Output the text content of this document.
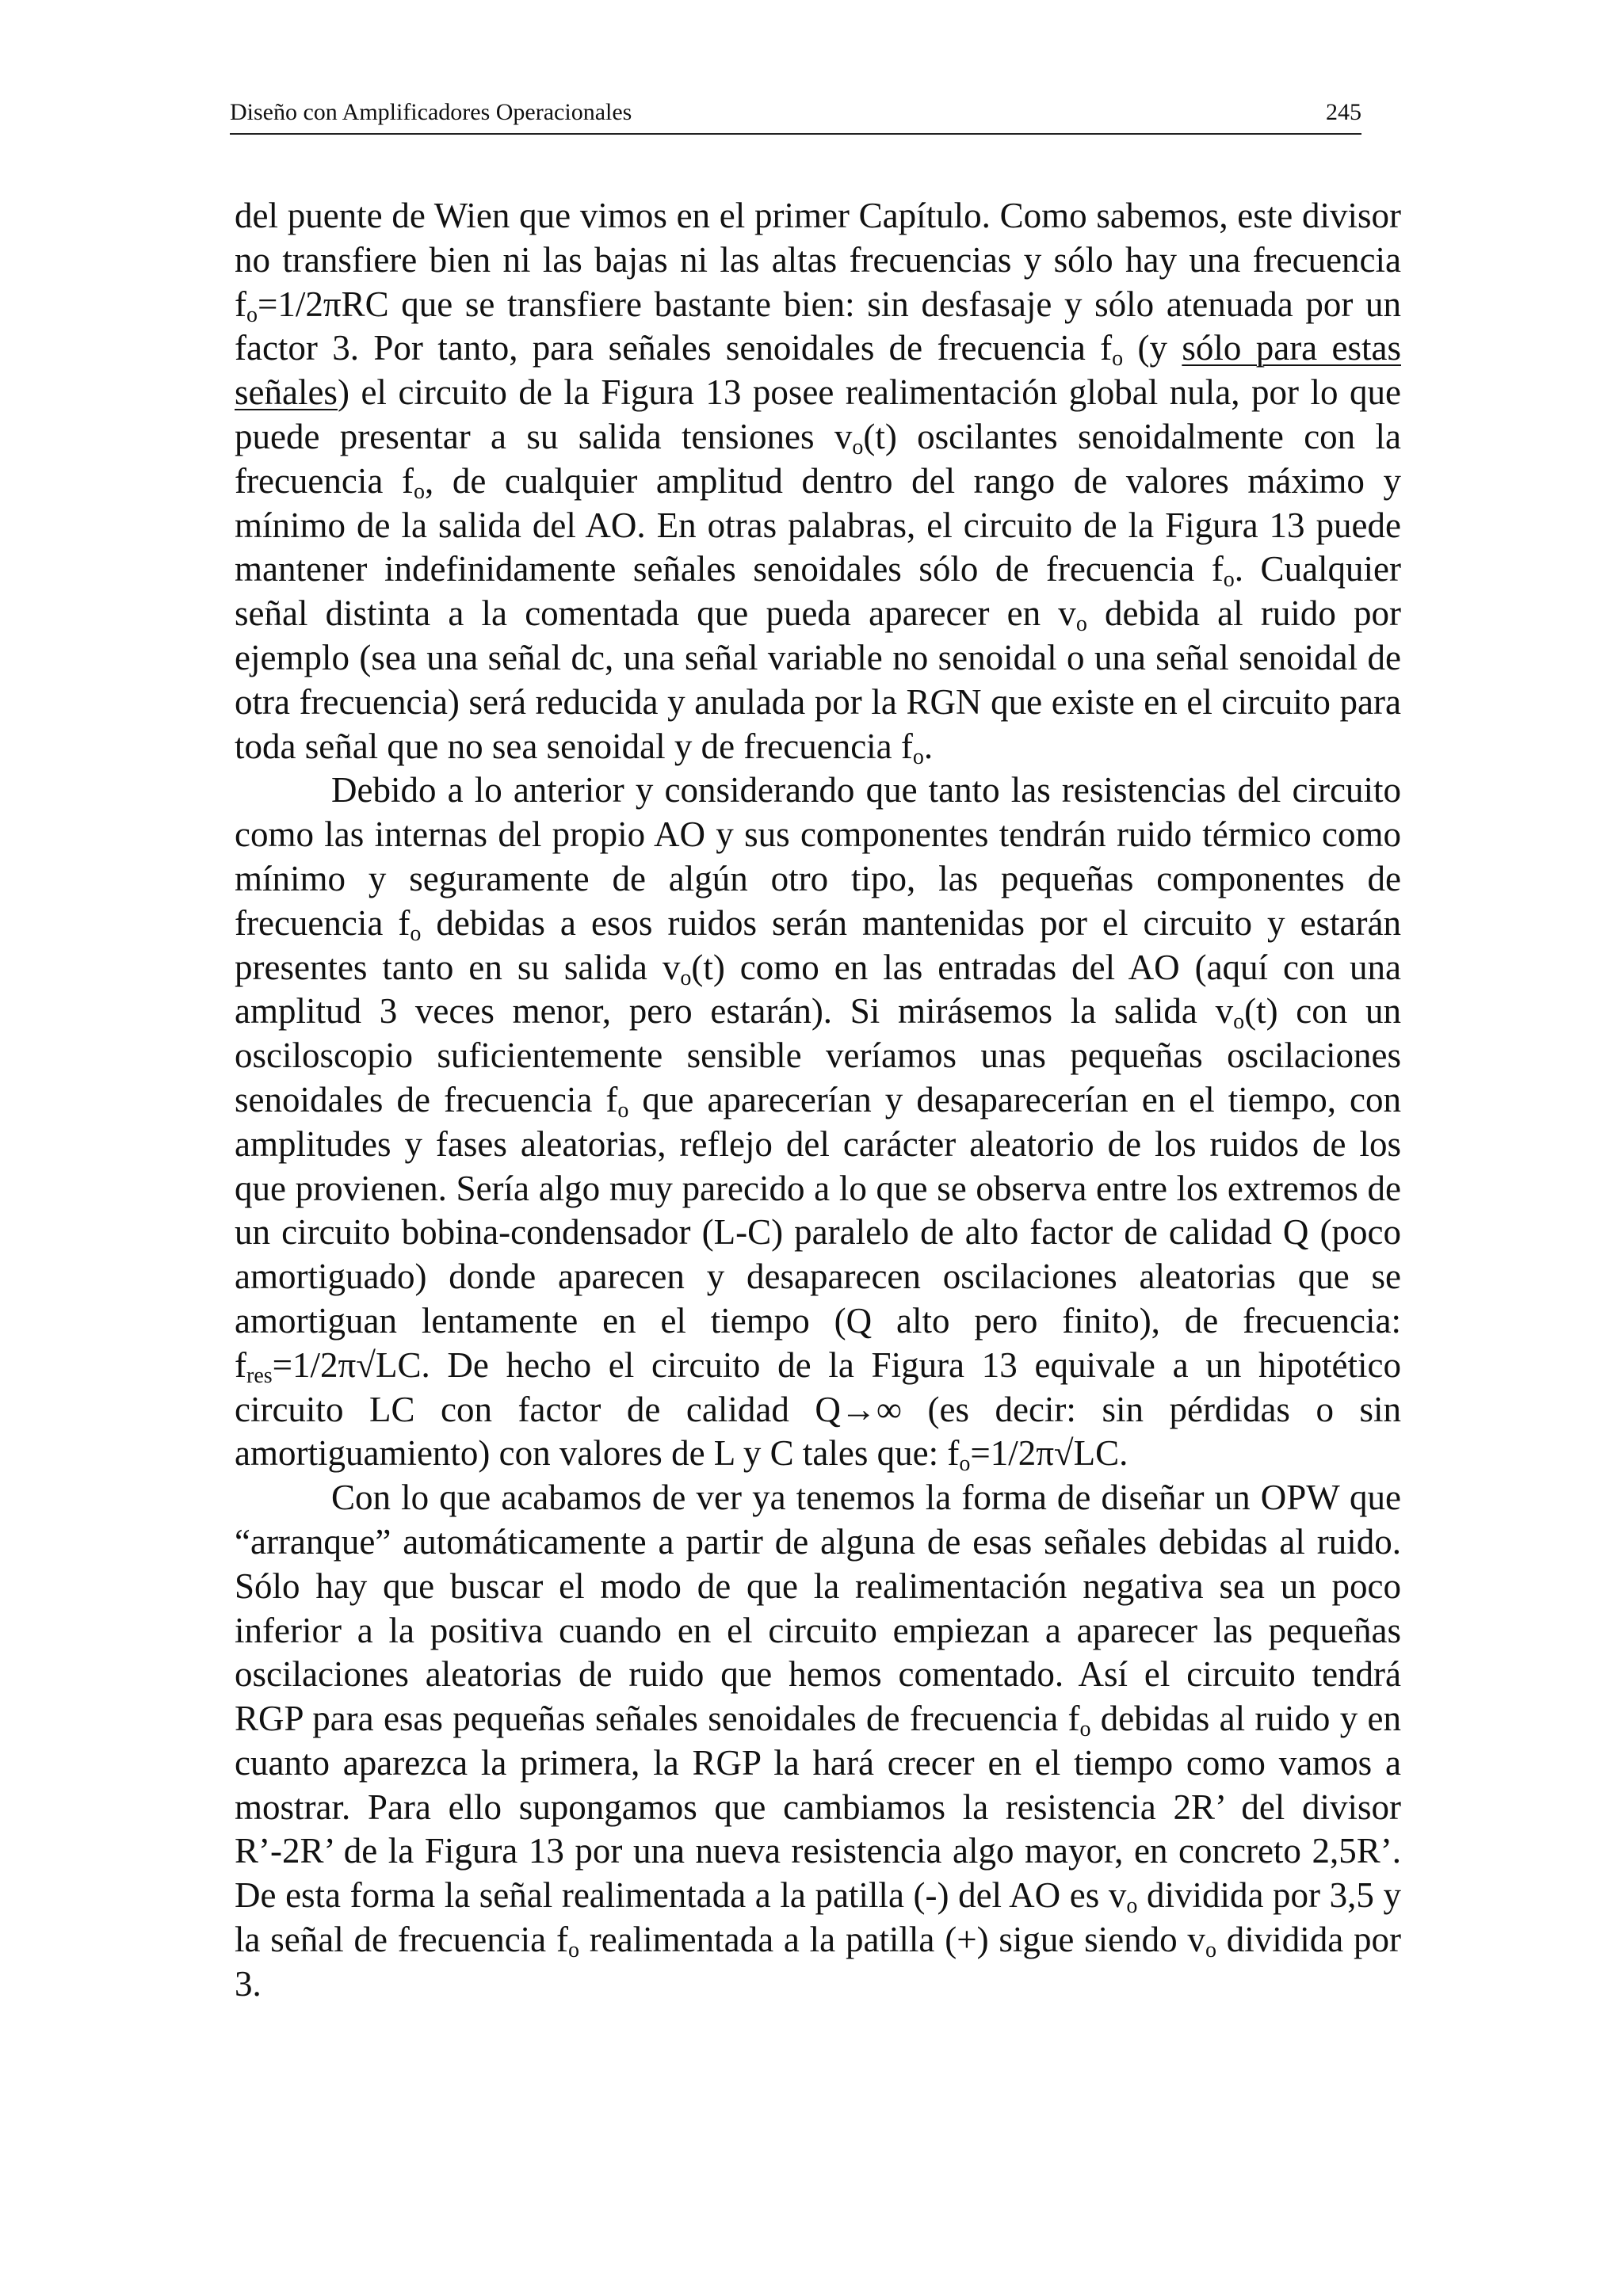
Diseño con Amplificadores Operacionales	245

del puente de Wien que vimos en el primer Capítulo. Como sabemos, este divisor no transfiere bien ni las bajas ni las altas frecuencias y sólo hay una frecuencia $f_o=1/2\pi RC$ que se transfiere bastante bien: sin desfasaje y sólo atenuada por un factor 3. Por tanto, para señales senoidales de frecuencia $f_o$ (y sólo para estas señales) el circuito de la Figura 13 posee realimentación global nula, por lo que puede presentar a su salida tensiones $v_o(t)$ oscilantes senoidalmente con la frecuencia $f_o$, de cualquier amplitud dentro del rango de valores máximo y mínimo de la salida del AO. En otras palabras, el circuito de la Figura 13 puede mantener indefinidamente señales senoidales sólo de frecuencia $f_o$. Cualquier señal distinta a la comentada que pueda aparecer en $v_o$ debida al ruido por ejemplo (sea una señal dc, una señal variable no senoidal o una señal senoidal de otra frecuencia) será reducida y anulada por la RGN que existe en el circuito para toda señal que no sea senoidal y de frecuencia $f_o$.

Debido a lo anterior y considerando que tanto las resistencias del circuito como las internas del propio AO y sus componentes tendrán ruido térmico como mínimo y seguramente de algún otro tipo, las pequeñas componentes de frecuencia $f_o$ debidas a esos ruidos serán mantenidas por el circuito y estarán presentes tanto en su salida $v_o(t)$ como en las entradas del AO (aquí con una amplitud 3 veces menor, pero estarán). Si mirásemos la salida $v_o(t)$ con un osciloscopio suficientemente sensible veríamos unas pequeñas oscilaciones senoidales de frecuencia $f_o$ que aparecerían y desaparecerían en el tiempo, con amplitudes y fases aleatorias, reflejo del carácter aleatorio de los ruidos de los que provienen. Sería algo muy parecido a lo que se observa entre los extremos de un circuito bobina-condensador (L-C) paralelo de alto factor de calidad Q (poco amortiguado) donde aparecen y desaparecen oscilaciones aleatorias que se amortiguan lentamente en el tiempo (Q alto pero finito), de frecuencia: $f_{res}=1/2\pi√LC$. De hecho el circuito de la Figura 13 equivale a un hipotético circuito LC con factor de calidad Q→∞ (es decir: sin pérdidas o sin amortiguamiento) con valores de L y C tales que: $f_o=1/2\pi√LC$.

Con lo que acabamos de ver ya tenemos la forma de diseñar un OPW que “arranque” automáticamente a partir de alguna de esas señales debidas al ruido. Sólo hay que buscar el modo de que la realimentación negativa sea un poco inferior a la positiva cuando en el circuito empiezan a aparecer las pequeñas oscilaciones aleatorias de ruido que hemos comentado. Así el circuito tendrá RGP para esas pequeñas señales senoidales de frecuencia $f_o$ debidas al ruido y en cuanto aparezca la primera, la RGP la hará crecer en el tiempo como vamos a mostrar. Para ello supongamos que cambiamos la resistencia 2R’ del divisor R’-2R’ de la Figura 13 por una nueva resistencia algo mayor, en concreto 2,5R’. De esta forma la señal realimentada a la patilla (-) del AO es $v_o$ dividida por 3,5 y la señal de frecuencia $f_o$ realimentada a la patilla (+) sigue siendo $v_o$ dividida por 3.
